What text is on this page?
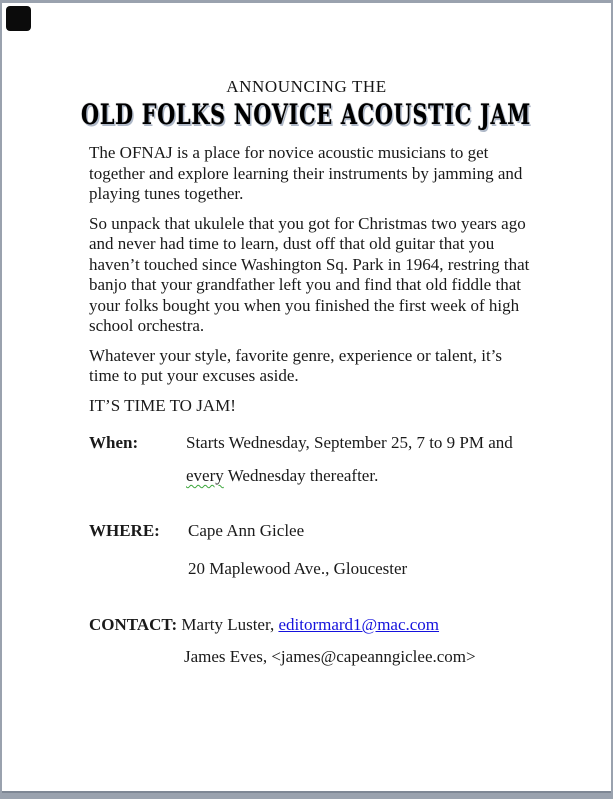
ANNOUNCING THE
OLD FOLKS NOVICE ACOUSTIC JAM

The OFNAJ is a place for novice acoustic musicians to get together and explore learning their instruments by jamming and playing tunes together.

So unpack that ukulele that you got for Christmas two years ago and never had time to learn, dust off that old guitar that you haven’t touched since Washington Sq. Park in 1964, restring that banjo that your grandfather left you and find that old fiddle that your folks bought you when you finished the first week of high school orchestra.

Whatever your style, favorite genre, experience or talent, it’s time to put your excuses aside.

IT’S TIME TO JAM!

When:	Starts Wednesday, September 25, 7 to 9 PM and
every Wednesday thereafter.
WHERE: Cape Ann Giclee
20 Maplewood Ave., Gloucester
CONTACT: Marty Luster, editormard1@mac.com
James Eves, <james@capeanngiclee.com>
